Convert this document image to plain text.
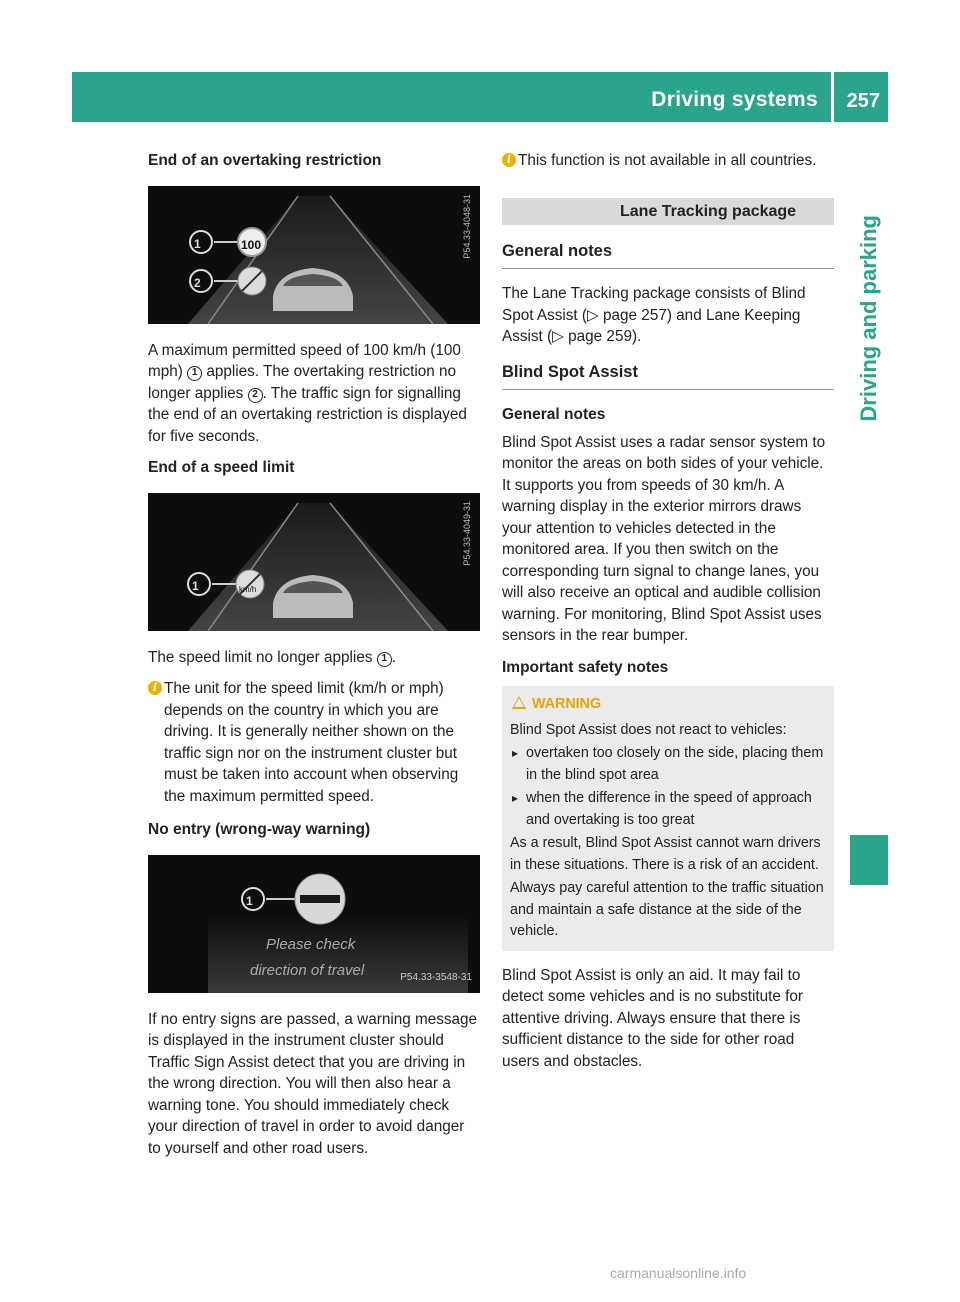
Driving systems 257
Driving and parking
End of an overtaking restriction
1
2
100	P54.33-4048-31

A maximum permitted speed of 100 km/h (100 mph) 1 applies. The overtaking restriction no longer applies 2 . The traffic sign for signalling the end of an overtaking restriction is displayed for five seconds.

End of a speed limit
1	km/h
P54.33-4049-31

The speed limit no longer applies 1 .

i The unit for the speed limit (km/h or mph) depends on the country in which you are driving. It is generally neither shown on the traffic sign nor on the instrument cluster but must be taken into account when observing the maximum permitted speed.
No entry (wrong-way warning)
1
Please check
direction of travel	P54.33-3548-31

If no entry signs are passed, a warning message is displayed in the instrument cluster should Traffic Sign Assist detect that you are driving in the wrong direction. You will then also hear a warning tone. You should immediately check your direction of travel in order to avoid danger to yourself and other road users.

i This function is not available in all countries.
Lane Tracking package
General notes

The Lane Tracking package consists of Blind Spot Assist (▷ page 257) and Lane Keeping Assist (▷ page 259).

Blind Spot Assist
General notes

Blind Spot Assist uses a radar sensor system to monitor the areas on both sides of your vehicle. It supports you from speeds of 30 km/h. A warning display in the exterior mirrors draws your attention to vehicles detected in the monitored area. If you then switch on the corresponding turn signal to change lanes, you will also receive an optical and audible collision warning. For monitoring, Blind Spot Assist uses sensors in the rear bumper.

Important safety notes
WARNING
Blind Spot Assist does not react to vehicles:
▸ overtaken too closely on the side, placing them in the blind spot area
▸ when the difference in the speed of approach and overtaking is too great
As a result, Blind Spot Assist cannot warn drivers in these situations. There is a risk of an accident.
Always pay careful attention to the traffic situation and maintain a safe distance at the side of the vehicle.

Blind Spot Assist is only an aid. It may fail to detect some vehicles and is no substitute for attentive driving. Always ensure that there is sufficient distance to the side for other road users and obstacles.

carmanualsonline.info
